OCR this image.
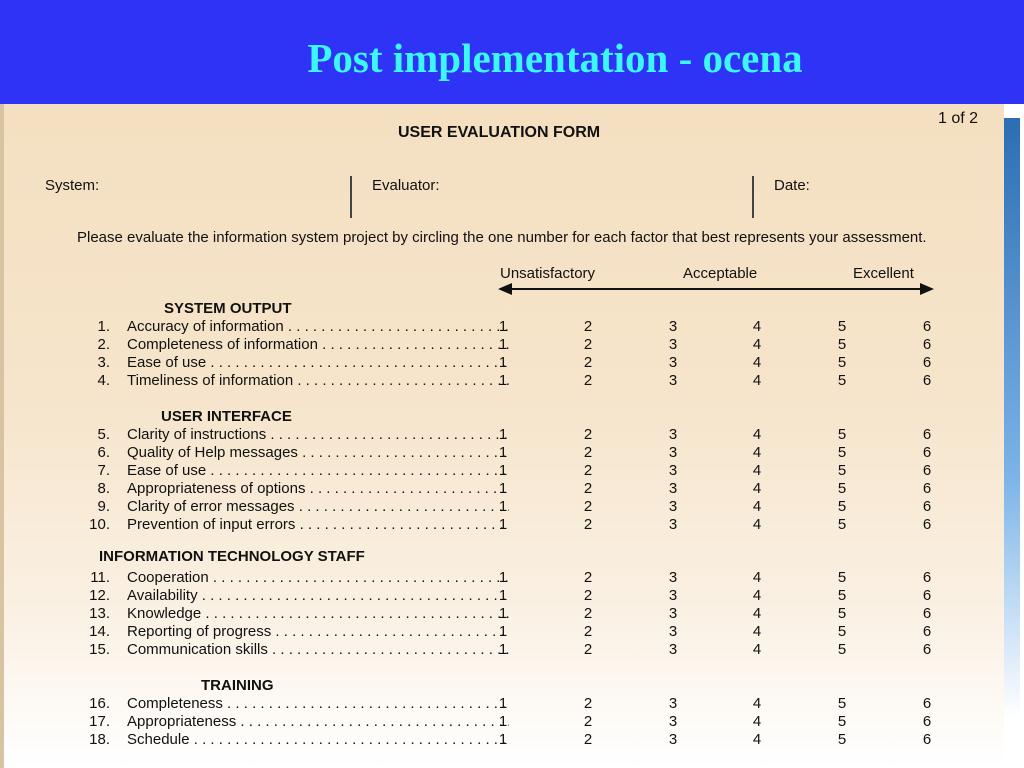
Post implementation - ocena
1 of 2
USER EVALUATION FORM
System:	Evaluator:	Date:
Please evaluate the information system project by circling the one number for each factor that best represents your assessment.
Unsatisfactory	Acceptable	Excellent
SYSTEM OUTPUT
1. Accuracy of information . . .	1	2	3	4	5	6
2. Completeness of information . . .	1	2	3	4	5	6
3. Ease of use . . .	1	2	3	4	5	6
4. Timeliness of information . . .	1	2	3	4	5	6
USER INTERFACE
5. Clarity of instructions . . .	1	2	3	4	5	6
6. Quality of Help messages . . .	1	2	3	4	5	6
7. Ease of use . . .	1	2	3	4	5	6
8. Appropriateness of options . . .	1	2	3	4	5	6
9. Clarity of error messages . . .	1	2	3	4	5	6
10. Prevention of input errors . . .	1	2	3	4	5	6
INFORMATION TECHNOLOGY STAFF
11. Cooperation . . .	1	2	3	4	5	6
12. Availability . . .	1	2	3	4	5	6
13. Knowledge . . .	1	2	3	4	5	6
14. Reporting of progress . . .	1	2	3	4	5	6
15. Communication skills . . .	1	2	3	4	5	6
TRAINING
16. Completeness . . .	1	2	3	4	5	6
17. Appropriateness . . .	1	2	3	4	5	6
18. Schedule . . .	1	2	3	4	5	6
